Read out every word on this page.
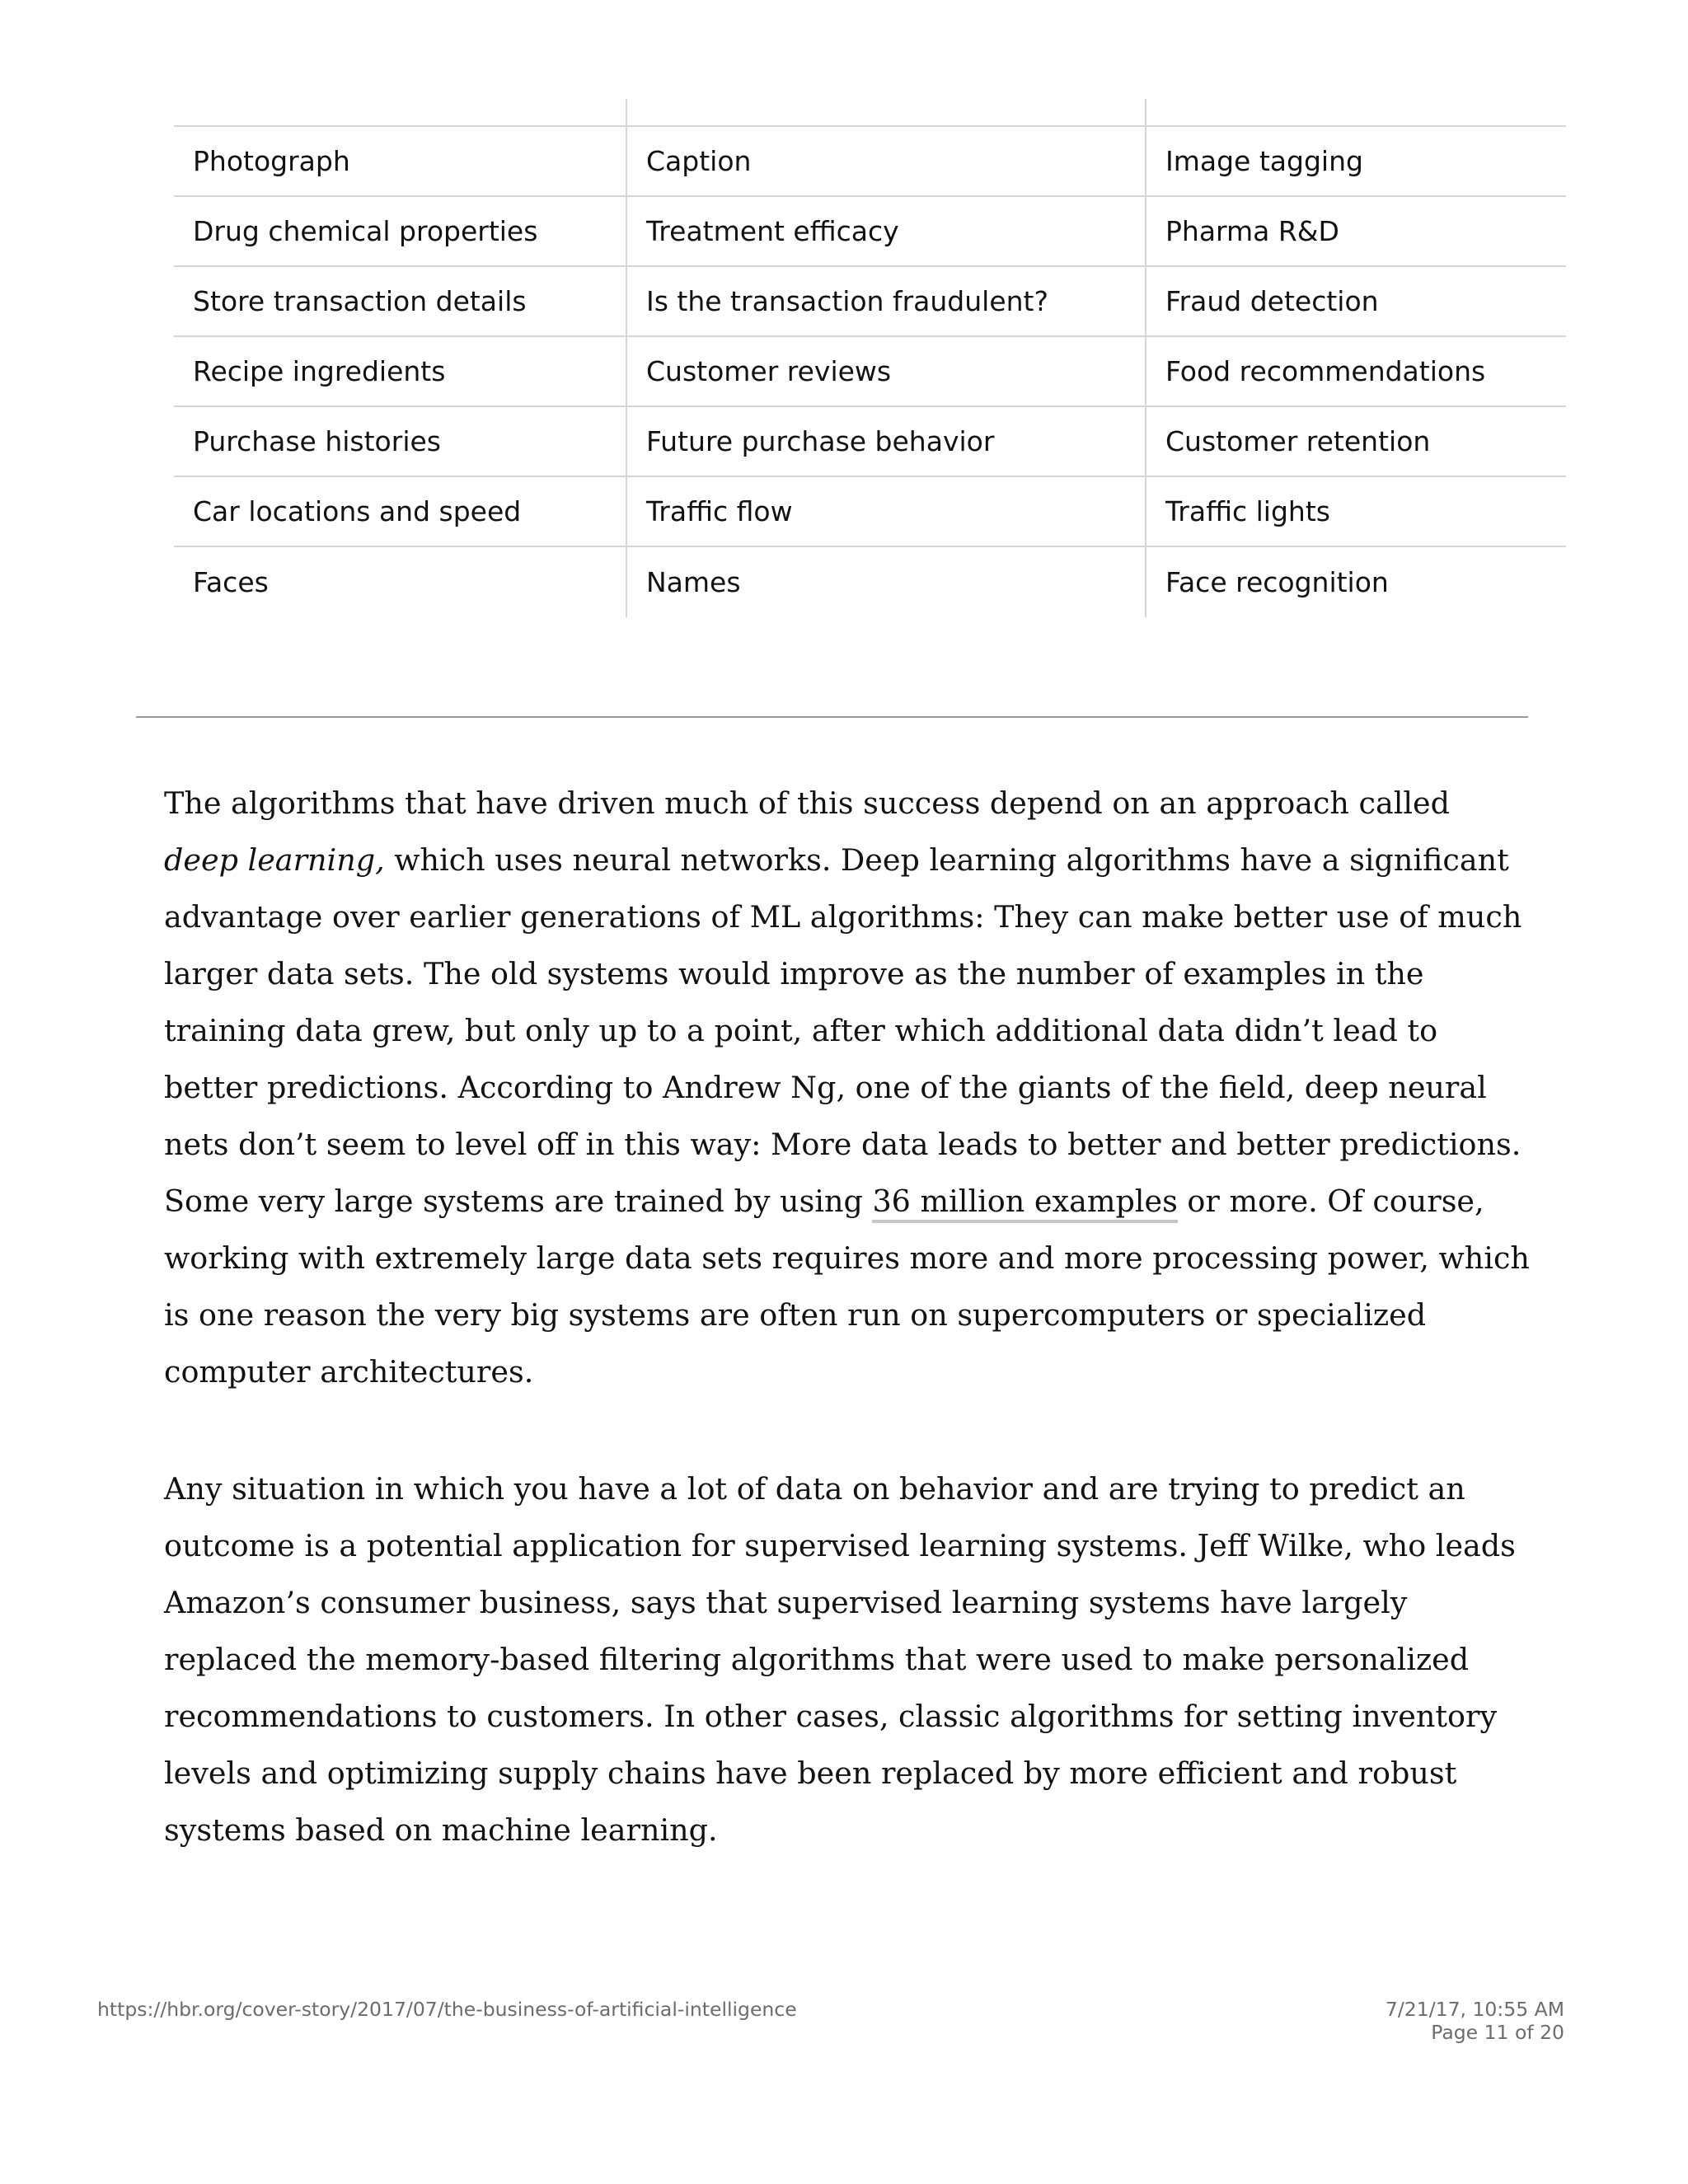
Photograph	Caption	Image tagging
Drug chemical properties	Treatment efficacy	Pharma R&D
Store transaction details	Is the transaction fraudulent?	Fraud detection
Recipe ingredients	Customer reviews	Food recommendations
Purchase histories	Future purchase behavior	Customer retention
Car locations and speed	Traffic flow	Traffic lights
Faces	Names	Face recognition

The algorithms that have driven much of this success depend on an approach called deep learning, which uses neural networks. Deep learning algorithms have a significant advantage over earlier generations of ML algorithms: They can make better use of much larger data sets. The old systems would improve as the number of examples in the training data grew, but only up to a point, after which additional data didn’t lead to better predictions. According to Andrew Ng, one of the giants of the field, deep neural nets don’t seem to level off in this way: More data leads to better and better predictions. Some very large systems are trained by using 36 million examples or more. Of course, working with extremely large data sets requires more and more processing power, which is one reason the very big systems are often run on supercomputers or specialized computer architectures.

Any situation in which you have a lot of data on behavior and are trying to predict an outcome is a potential application for supervised learning systems. Jeff Wilke, who leads Amazon’s consumer business, says that supervised learning systems have largely replaced the memory-based filtering algorithms that were used to make personalized recommendations to customers. In other cases, classic algorithms for setting inventory levels and optimizing supply chains have been replaced by more efficient and robust systems based on machine learning.

https://hbr.org/cover-story/2017/07/the-business-of-artificial-intelligence	7/21/17, 10:55 AM
Page 11 of 20
